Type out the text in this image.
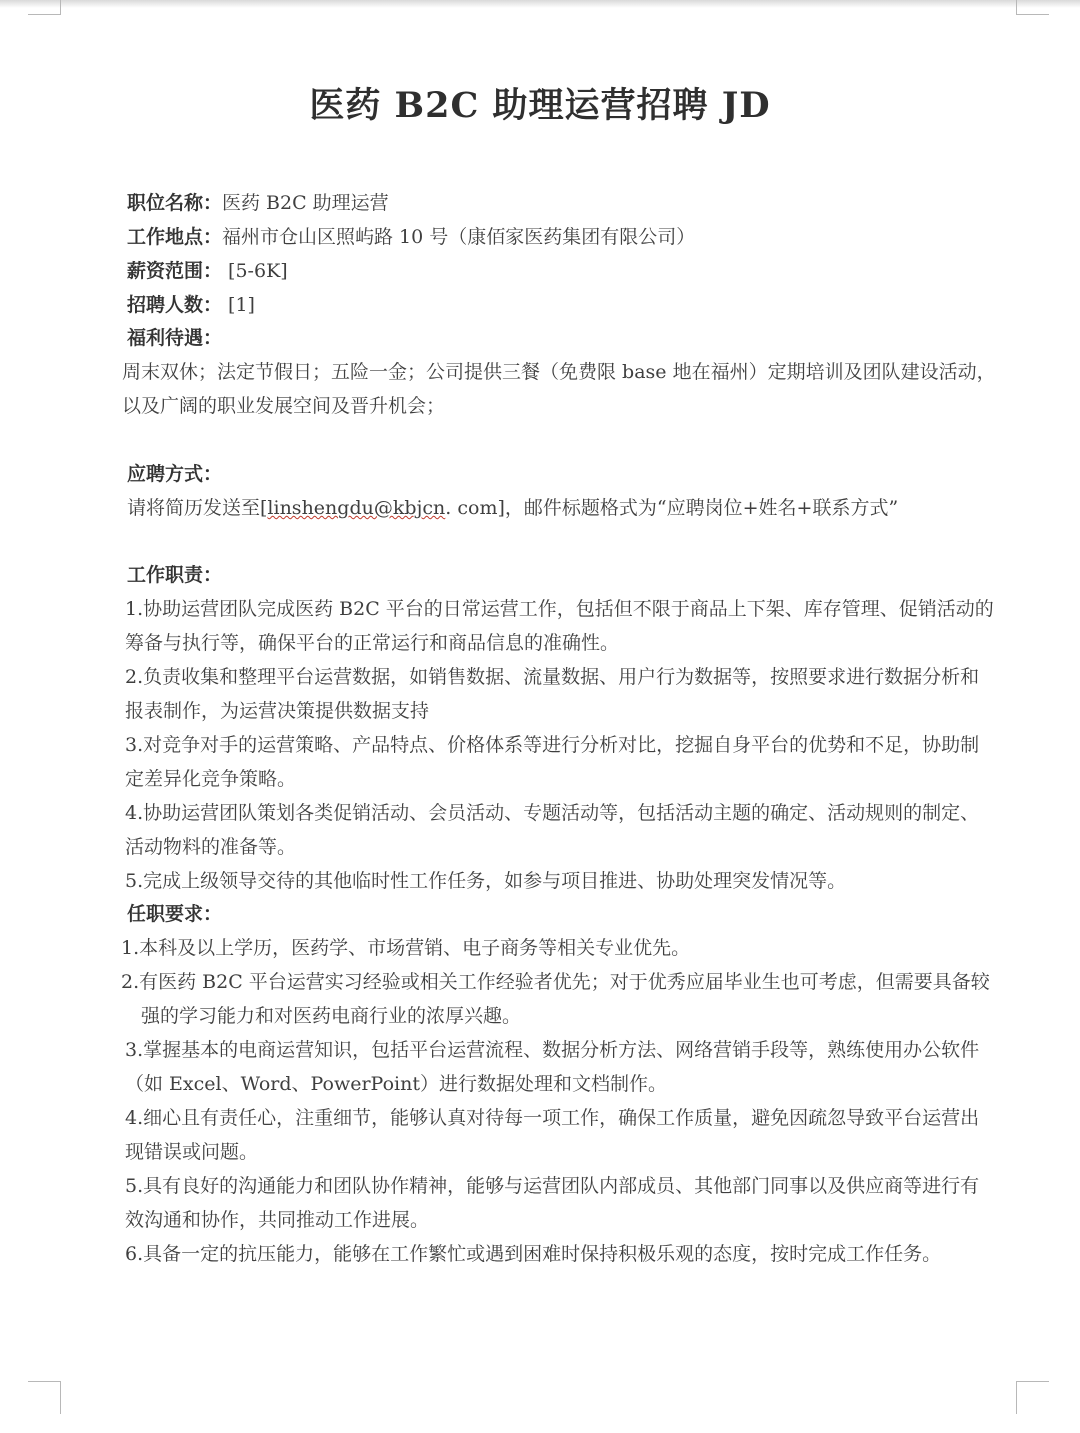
医药 B2C 助理运营招聘 JD
职位名称：医药 B2C 助理运营
工作地点：福州市仓山区照屿路 10 号（康佰家医药集团有限公司）
薪资范围： [5-6K]
招聘人数： [1]
福利待遇：
周末双休；法定节假日；五险一金；公司提供三餐（免费限 base 地在福州）定期培训及团队建设活动，
以及广阔的职业发展空间及晋升机会；
应聘方式：
请将简历发送至[linshengdu@kbjcn. com]，邮件标题格式为“应聘岗位+姓名+联系方式”
工作职责：
1.协助运营团队完成医药 B2C 平台的日常运营工作，包括但不限于商品上下架、库存管理、促销活动的
筹备与执行等，确保平台的正常运行和商品信息的准确性。
2.负责收集和整理平台运营数据，如销售数据、流量数据、用户行为数据等，按照要求进行数据分析和
报表制作，为运营决策提供数据支持
3.对竞争对手的运营策略、产品特点、价格体系等进行分析对比，挖掘自身平台的优势和不足，协助制
定差异化竞争策略。
4.协助运营团队策划各类促销活动、会员活动、专题活动等，包括活动主题的确定、活动规则的制定、
活动物料的准备等。
5.完成上级领导交待的其他临时性工作任务，如参与项目推进、协助处理突发情况等。
任职要求：
1.本科及以上学历，医药学、市场营销、电子商务等相关专业优先。
2.有医药 B2C 平台运营实习经验或相关工作经验者优先；对于优秀应届毕业生也可考虑，但需要具备较
强的学习能力和对医药电商行业的浓厚兴趣。
3.掌握基本的电商运营知识，包括平台运营流程、数据分析方法、网络营销手段等，熟练使用办公软件
（如 Excel、Word、PowerPoint）进行数据处理和文档制作。
4.细心且有责任心，注重细节，能够认真对待每一项工作，确保工作质量，避免因疏忽导致平台运营出
现错误或问题。
5.具有良好的沟通能力和团队协作精神，能够与运营团队内部成员、其他部门同事以及供应商等进行有
效沟通和协作，共同推动工作进展。
6.具备一定的抗压能力，能够在工作繁忙或遇到困难时保持积极乐观的态度，按时完成工作任务。
